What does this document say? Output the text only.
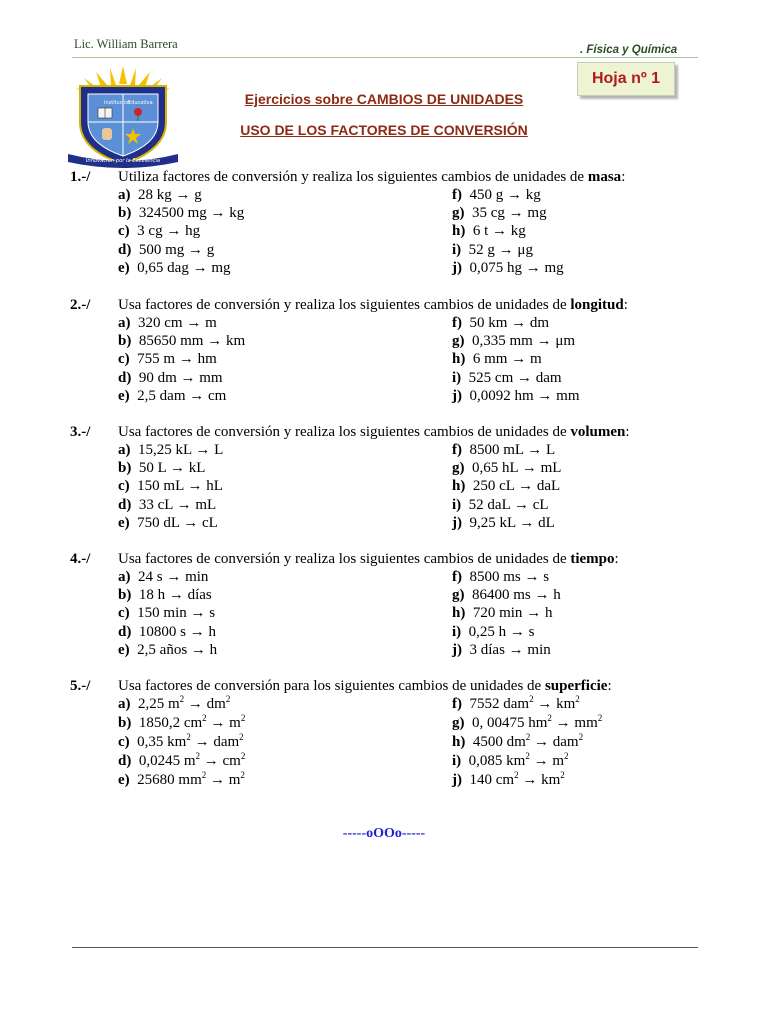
Lic. William Barrera	. Física y Química
Institución
Educativa
Innovación por la Excelencia
Hoja nº 1
Ejercicios sobre CAMBIOS DE UNIDADES
USO DE LOS FACTORES DE CONVERSIÓN
1.-/ Utiliza factores de conversión y realiza los siguientes cambios de unidades de masa:
a) 28 kg → g
b) 324500 mg → kg
c) 3 cg → hg
d) 500 mg → g
e) 0,65 dag → mg
f) 450 g → kg
g) 35 cg → mg
h) 6 t → kg
i) 52 g → μg
j) 0,075 hg → mg
2.-/ Usa factores de conversión y realiza los siguientes cambios de unidades de longitud:
a) 320 cm → m
b) 85650 mm → km
c) 755 m → hm
d) 90 dm → mm
e) 2,5 dam → cm
f) 50 km → dm
g) 0,335 mm → μm
h) 6 mm → m
i) 525 cm → dam
j) 0,0092 hm → mm
3.-/ Usa factores de conversión y realiza los siguientes cambios de unidades de volumen:
a) 15,25 kL → L
b) 50 L → kL
c) 150 mL → hL
d) 33 cL → mL
e) 750 dL → cL
f) 8500 mL → L
g) 0,65 hL → mL
h) 250 cL → daL
i) 52 daL → cL
j) 9,25 kL → dL
4.-/ Usa factores de conversión y realiza los siguientes cambios de unidades de tiempo:
a) 24 s → min
b) 18 h → días
c) 150 min → s
d) 10800 s → h
e) 2,5 años → h
f) 8500 ms → s
g) 86400 ms → h
h) 720 min → h
i) 0,25 h → s
j) 3 días → min
5.-/ Usa factores de conversión para los siguientes cambios de unidades de superficie:
a) 2,25 $m^2 \to dm^2$
b) 1850,2 $cm^2 \to m^2$
c) 0,35 $km^2 \to dam^2$
d) 0,0245 $m^2 \to cm^2$
e) 25680 $mm^2 \to m^2$
f) 7552 $dam^2 \to km^2$
g) 0, 00475 $hm^2 \to mm^2$
h) 4500 $dm^2 \to dam^2$
i) 0,085 $km^2 \to m^2$
j) 140 $cm^2 \to km^2$
-----oOOo-----
